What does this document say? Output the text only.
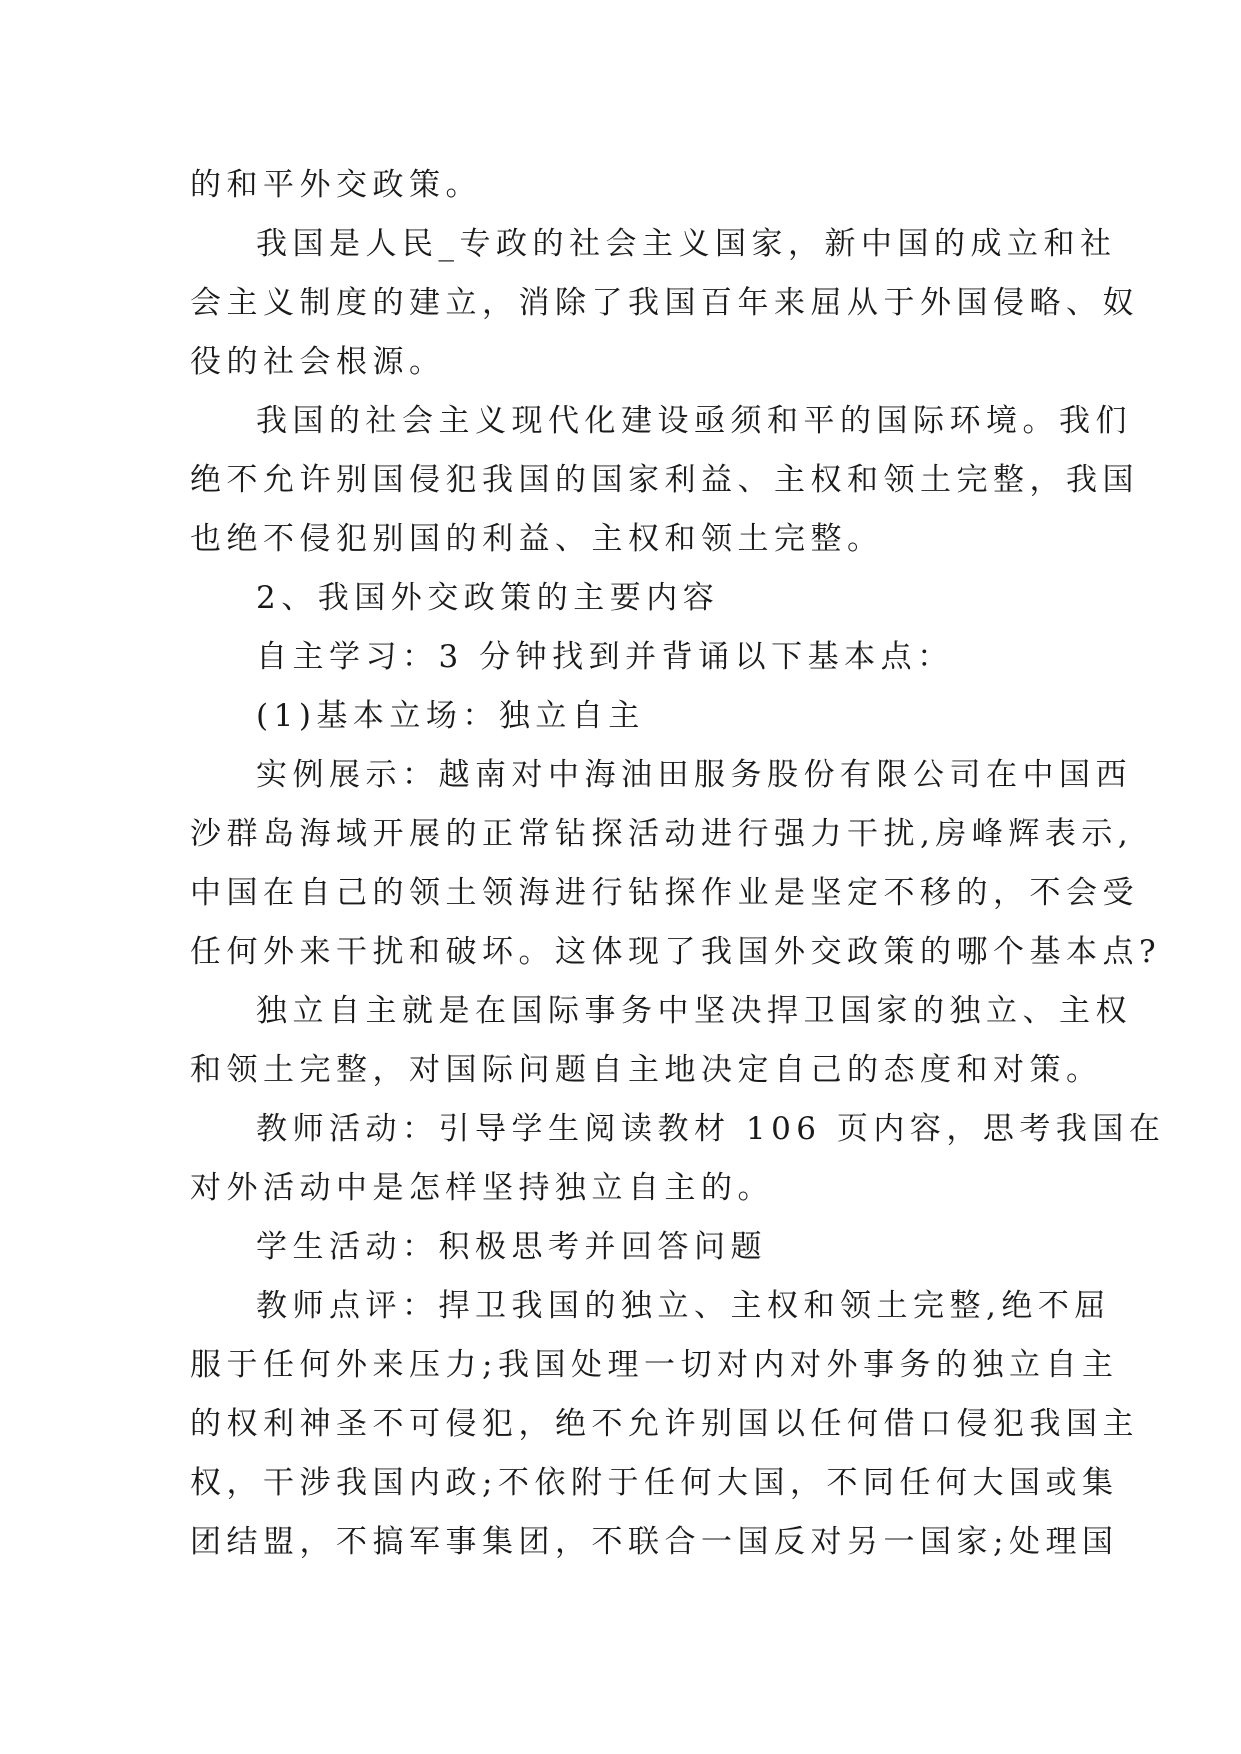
的和平外交政策。
我国是人民_专政的社会主义国家，新中国的成立和社
会主义制度的建立，消除了我国百年来屈从于外国侵略、奴
役的社会根源。
我国的社会主义现代化建设亟须和平的国际环境。我们
绝不允许别国侵犯我国的国家利益、主权和领土完整，我国
也绝不侵犯别国的利益、主权和领土完整。
2、我国外交政策的主要内容
自主学习：3 分钟找到并背诵以下基本点：
(1)基本立场：独立自主
实例展示：越南对中海油田服务股份有限公司在中国西
沙群岛海域开展的正常钻探活动进行强力干扰,房峰辉表示,
中国在自己的领土领海进行钻探作业是坚定不移的，不会受
任何外来干扰和破坏。这体现了我国外交政策的哪个基本点?
独立自主就是在国际事务中坚决捍卫国家的独立、主权
和领土完整，对国际问题自主地决定自己的态度和对策。
教师活动：引导学生阅读教材 106 页内容，思考我国在
对外活动中是怎样坚持独立自主的。
学生活动：积极思考并回答问题
教师点评：捍卫我国的独立、主权和领土完整,绝不屈
服于任何外来压力;我国处理一切对内对外事务的独立自主
的权利神圣不可侵犯，绝不允许别国以任何借口侵犯我国主
权，干涉我国内政;不依附于任何大国，不同任何大国或集
团结盟，不搞军事集团，不联合一国反对另一国家;处理国
